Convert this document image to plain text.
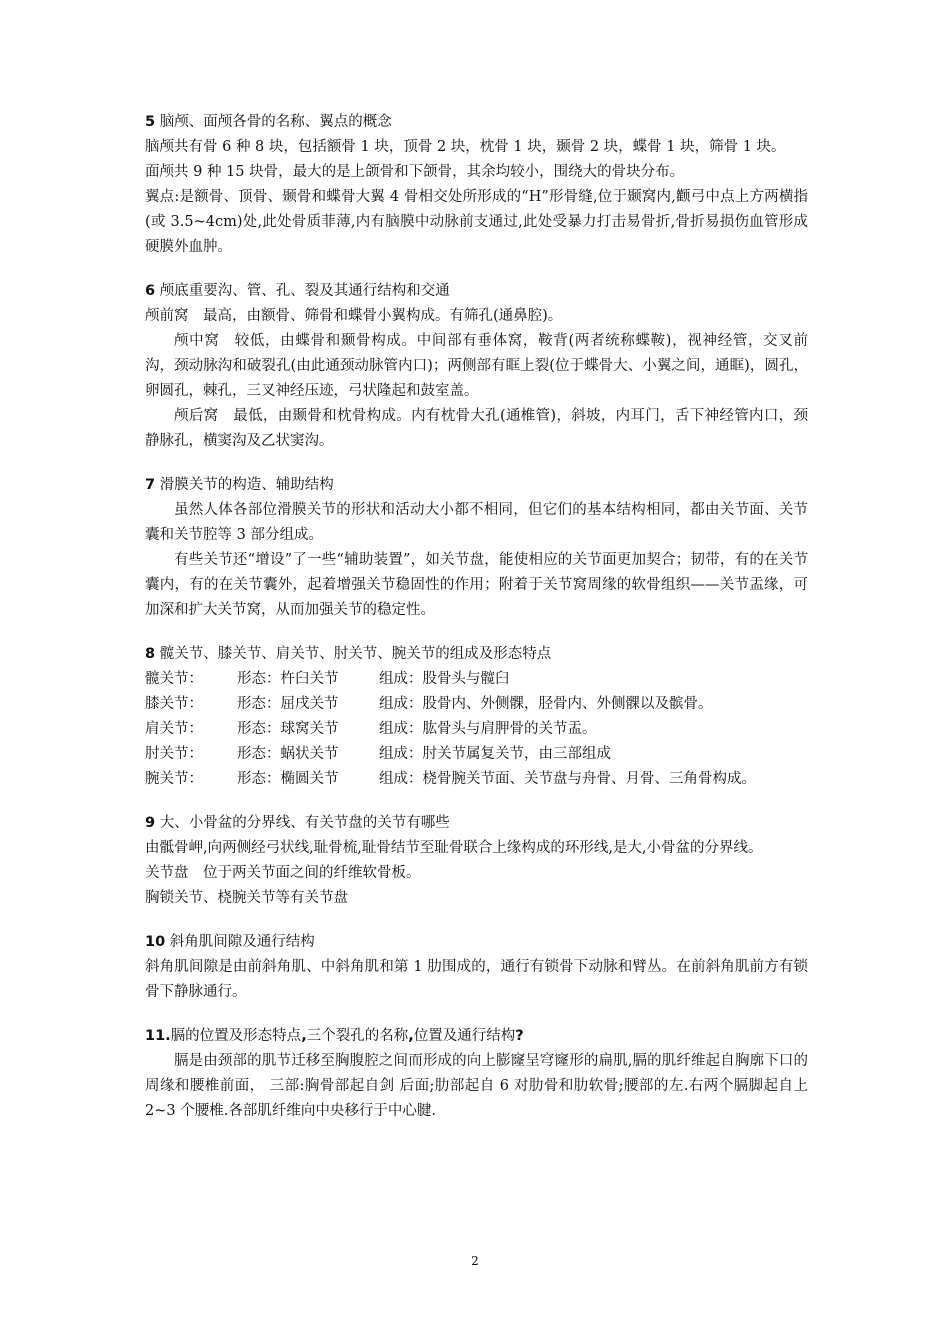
5 脑颅、面颅各骨的名称、翼点的概念

脑颅共有骨 6 种 8 块，包括额骨 1 块，顶骨 2 块，枕骨 1 块，颞骨 2 块，蝶骨 1 块，筛骨 1 块。

面颅共 9 种 15 块骨，最大的是上颌骨和下颌骨，其余均较小，围绕大的骨块分布。

翼点:是额骨、顶骨、颞骨和蝶骨大翼 4 骨相交处所形成的“H”形骨缝,位于颞窝内,颧弓中点上方两横指(或 3.5~4cm)处,此处骨质菲薄,内有脑膜中动脉前支通过,此处受暴力打击易骨折,骨折易损伤血管形成硬膜外血肿。

6 颅底重要沟、管、孔、裂及其通行结构和交通

颅前窝　最高，由额骨、筛骨和蝶骨小翼构成。有筛孔(通鼻腔)。

颅中窝　较低，由蝶骨和颞骨构成。中间部有垂体窝，鞍背(两者统称蝶鞍)，视神经管，交叉前沟，颈动脉沟和破裂孔(由此通颈动脉管内口)；两侧部有眶上裂(位于蝶骨大、小翼之间，通眶)，圆孔，卵圆孔，棘孔，三叉神经压迹，弓状隆起和鼓室盖。

颅后窝　最低，由颞骨和枕骨构成。内有枕骨大孔(通椎管)，斜坡，内耳门，舌下神经管内口，颈静脉孔，横窦沟及乙状窦沟。

7 滑膜关节的构造、辅助结构

虽然人体各部位滑膜关节的形状和活动大小都不相同，但它们的基本结构相同，都由关节面、关节囊和关节腔等 3 部分组成。

有些关节还“增设”了一些“辅助装置”，如关节盘，能使相应的关节面更加契合；韧带，有的在关节囊内，有的在关节囊外，起着增强关节稳固性的作用；附着于关节窝周缘的软骨组织——关节盂缘，可加深和扩大关节窝，从而加强关节的稳定性。

8 髋关节、膝关节、肩关节、肘关节、腕关节的组成及形态特点
髋关节：	形态：杵臼关节	组成：股骨头与髋臼
膝关节：	形态：屈戌关节	组成：股骨内、外侧髁，胫骨内、外侧髁以及髌骨。
肩关节：	形态：球窝关节	组成：肱骨头与肩胛骨的关节盂。
肘关节：	形态：蜗状关节	组成：肘关节属复关节，由三部组成
腕关节：	形态：椭圆关节	组成：桡骨腕关节面、关节盘与舟骨、月骨、三角骨构成。
9 大、小骨盆的分界线、有关节盘的关节有哪些

由骶骨岬,向两侧经弓状线,耻骨梳,耻骨结节至耻骨联合上缘构成的环形线,是大,小骨盆的分界线。

关节盘　位于两关节面之间的纤维软骨板。

胸锁关节、桡腕关节等有关节盘

10 斜角肌间隙及通行结构

斜角肌间隙是由前斜角肌、中斜角肌和第 1 肋围成的，通行有锁骨下动脉和臂丛。在前斜角肌前方有锁骨下静脉通行。

11.膈的位置及形态特点,三个裂孔的名称,位置及通行结构?

膈是由颈部的肌节迁移至胸腹腔之间而形成的向上膨窿呈穹窿形的扁肌,膈的肌纤维起自胸廓下口的周缘和腰椎前面， 三部:胸骨部起自剑 后面;肋部起自 6 对肋骨和肋软骨;腰部的左.右两个膈脚起自上 2~3 个腰椎.各部肌纤维向中央移行于中心腱.

2
